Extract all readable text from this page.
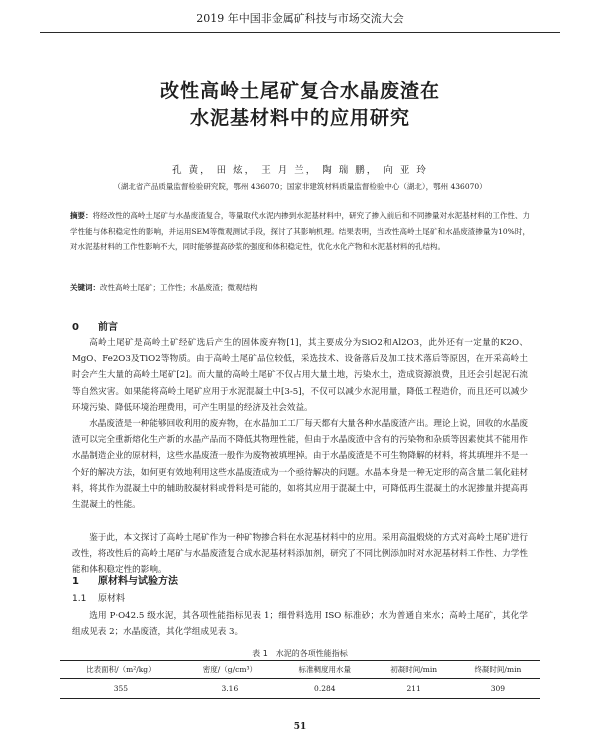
2019 年中国非金属矿科技与市场交流大会
改性高岭土尾矿复合水晶废渣在
水泥基材料中的应用研究
孔 黄， 田 炫， 王 月 兰， 陶 瑞 鹏， 向 亚 玲
（湖北省产品质量监督检验研究院，鄂州 436070；国家非建筑材料质量监督检验中心（湖北），鄂州 436070）
摘要：将经改性的高岭土尾矿与水晶废渣复合，等量取代水泥内掺到水泥基材料中，研究了掺入前后和不同掺量对水泥基材料的工作性、力学性能与体积稳定性的影响，并运用SEM等微观测试手段，探讨了其影响机理。结果表明，当改性高岭土尾矿和水晶废渣掺量为10%时，对水泥基材料的工作性影响不大，同时能够提高砂浆的强度和体积稳定性，优化水化产物和水泥基材料的孔结构。
关键词：改性高岭土尾矿；工作性；水晶废渣；微观结构
0 前言

高岭土尾矿是高岭土矿经矿选后产生的固体废弃物[1]，其主要成分为SiO2和Al2O3，此外还有一定量的K2O、MgO、Fe2O3及TiO2等物质。由于高岭土尾矿品位较低，采选技术、设备落后及加工技术落后等原因，在开采高岭土时会产生大量的高岭土尾矿[2]。而大量的高岭土尾矿不仅占用大量土地，污染水土，造成资源浪费，且还会引起泥石流等自然灾害。如果能将高岭土尾矿应用于水泥混凝土中[3-5]，不仅可以减少水泥用量，降低工程造价，而且还可以减少环境污染、降低环境治理费用，可产生明显的经济及社会效益。

水晶废渣是一种能够回收利用的废弃物，在水晶加工工厂每天都有大量各种水晶废渣产出。理论上说，回收的水晶废渣可以完全重新熔化生产新的水晶产品而不降低其物理性能，但由于水晶废渣中含有的污染物和杂质等因素使其不能用作水晶制造企业的原材料，这些水晶废渣一般作为废物被填埋掉。由于水晶废渣是不可生物降解的材料，将其填埋并不是一个好的解决方法，如何更有效地利用这些水晶废渣成为一个亟待解决的问题。水晶本身是一种无定形的高含量二氧化硅材料，将其作为混凝土中的辅助胶凝材料或骨料是可能的，如将其应用于混凝土中，可降低再生混凝土的水泥掺量并提高再生混凝土的性能。

鉴于此，本文探讨了高岭土尾矿作为一种矿物掺合料在水泥基材料中的应用。采用高温煅烧的方式对高岭土尾矿进行改性，将改性后的高岭土尾矿与水晶废渣复合成水泥基材料添加剂，研究了不同比例添加时对水泥基材料工作性、力学性能和体积稳定性的影响。

1 原材料与试验方法
1.1 原材料

选用 P·O42.5 级水泥，其各项性能指标见表 1；细骨料选用 ISO 标准砂；水为普通自来水；高岭土尾矿，其化学组成见表 2；水晶废渣，其化学组成见表 3。

表 1　水泥的各项性能指标
比表面积/（m²/kg）	密度/（g/cm³）	标准稠度用水量	初凝时间/min	终凝时间/min
355	3.16	0.284	211	309
51
